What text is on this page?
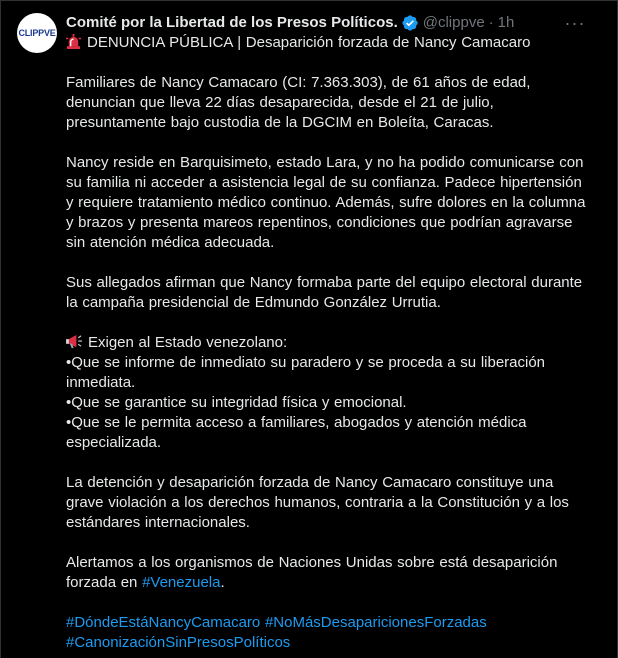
CLIPPVE
···
Comité por la Libertad de los Presos Políticos. @clippve · 1h

DENUNCIA PÚBLICA | Desaparición forzada de Nancy Camacaro

Familiares de Nancy Camacaro (CI: 7.363.303), de 61 años de edad, denuncian que lleva 22 días desaparecida, desde el 21 de julio, presuntamente bajo custodia de la DGCIM en Boleíta, Caracas.

Nancy reside en Barquisimeto, estado Lara, y no ha podido comunicarse con su familia ni acceder a asistencia legal de su confianza. Padece hipertensión y requiere tratamiento médico continuo. Además, sufre dolores en la columna y brazos y presenta mareos repentinos, condiciones que podrían agravarse sin atención médica adecuada.

Sus allegados afirman que Nancy formaba parte del equipo electoral durante la campaña presidencial de Edmundo González Urrutia.

Exigen al Estado venezolano:

•Que se informe de inmediato su paradero y se proceda a su liberación inmediata.

•Que se garantice su integridad física y emocional.

•Que se le permita acceso a familiares, abogados y atención médica especializada.

La detención y desaparición forzada de Nancy Camacaro constituye una grave violación a los derechos humanos, contraria a la Constitución y a los estándares internacionales.

Alertamos a los organismos de Naciones Unidas sobre está desaparición forzada en #Venezuela.

#DóndeEstáNancyCamacaro #NoMásDesaparicionesForzadas

#CanonizaciónSinPresosPolíticos
